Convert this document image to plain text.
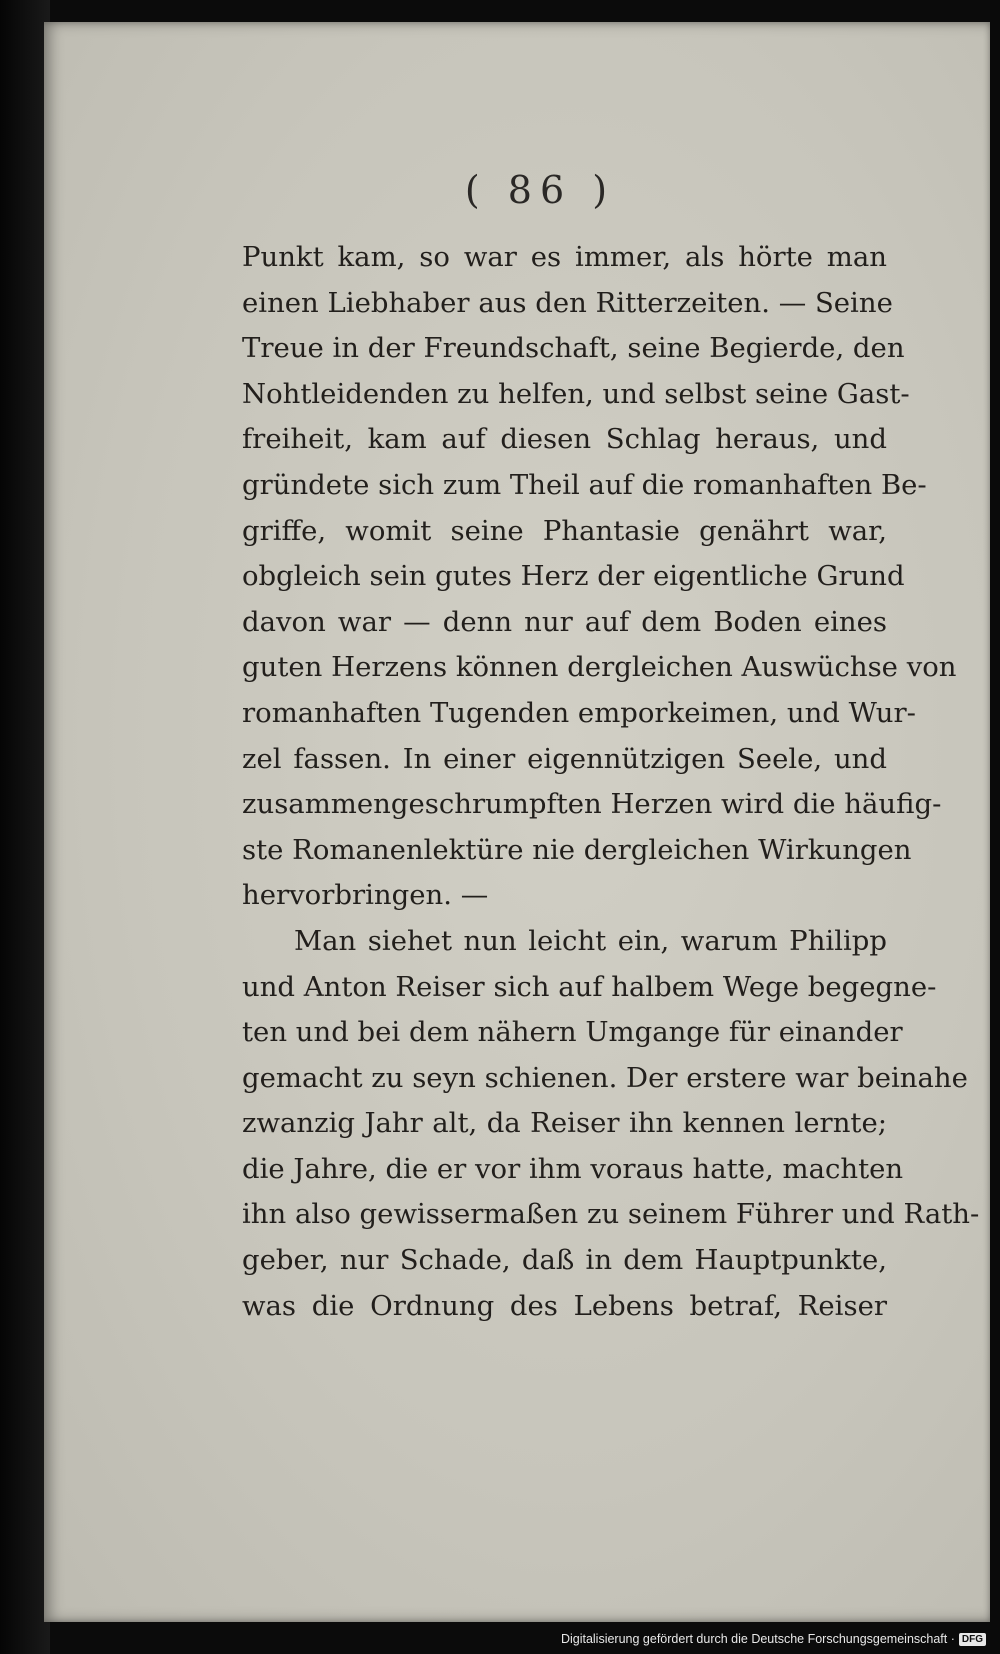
( 86 )
Punkt kam, so war es immer, als hörte man
einen Liebhaber aus den Ritterzeiten. — Seine
Treue in der Freundschaft, seine Begierde, den
Nohtleidenden zu helfen, und selbst seine Gast-
freiheit, kam auf diesen Schlag heraus, und
gründete sich zum Theil auf die romanhaften Be-
griffe, womit seine Phantasie genährt war,
obgleich sein gutes Herz der eigentliche Grund
davon war — denn nur auf dem Boden eines
guten Herzens können dergleichen Auswüchse von
romanhaften Tugenden emporkeimen, und Wur-
zel fassen. In einer eigennützigen Seele, und
zusammengeschrumpften Herzen wird die häufig-
ste Romanenlektüre nie dergleichen Wirkungen
hervorbringen. —
Man siehet nun leicht ein, warum Philipp
und Anton Reiser sich auf halbem Wege begegne-
ten und bei dem nähern Umgange für einander
gemacht zu seyn schienen. Der erstere war beinahe
zwanzig Jahr alt, da Reiser ihn kennen lernte;
die Jahre, die er vor ihm voraus hatte, machten
ihn also gewissermaßen zu seinem Führer und Rath-
geber, nur Schade, daß in dem Hauptpunkte,
was die Ordnung des Lebens betraf, Reiser
Digitalisierung gefördert durch die Deutsche Forschungsgemeinschaft · DFG
